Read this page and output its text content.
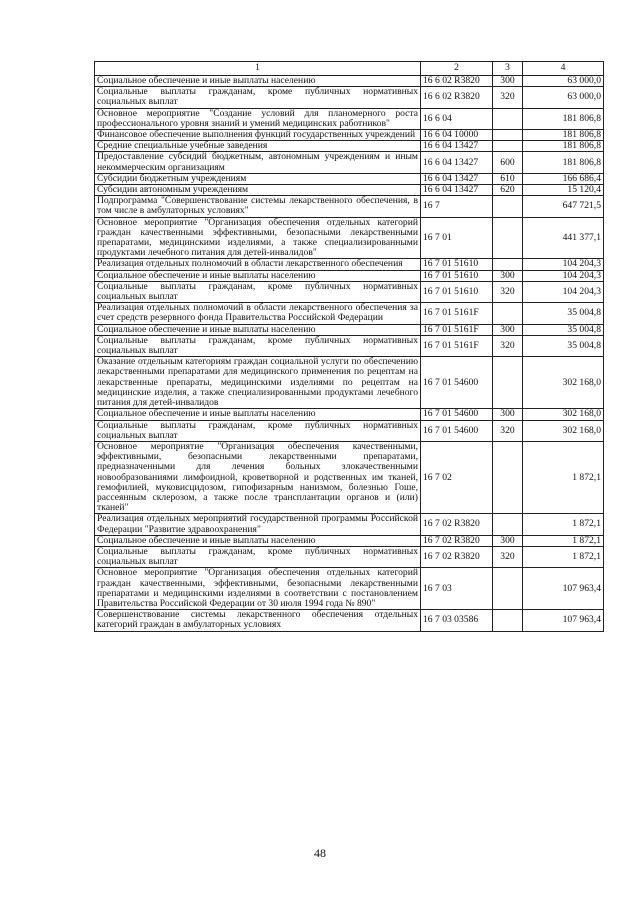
1	2	3	4
Социальное обеспечение и иные выплаты населению	16 6 02 R3820	300	63 000,0
Социальные выплаты гражданам, кроме публичных нормативных социальных выплат	16 6 02 R3820	320	63 000,0
Основное мероприятие "Создание условий для планомерного роста профессионального уровня знаний и умений медицинских работников"	16 6 04		181 806,8
Финансовое обеспечение выполнения функций государственных учреждений	16 6 04 10000		181 806,8
Средние специальные учебные заведения	16 6 04 13427		181 806,8
Предоставление субсидий бюджетным, автономным учреждениям и иным некоммерческим организациям	16 6 04 13427	600	181 806,8
Субсидии бюджетным учреждениям	16 6 04 13427	610	166 686,4
Субсидии автономным учреждениям	16 6 04 13427	620	15 120,4
Подпрограмма "Совершенствование системы лекарственного обеспечения, в том числе в амбулаторных условиях"	16 7		647 721,5
Основное мероприятие "Организация обеспечения отдельных категорий граждан качественными эффективными, безопасными лекарственными препаратами, медицинскими изделиями, а также специализированными продуктами лечебного питания для детей-инвалидов"	16 7 01		441 377,1
Реализация отдельных полномочий в области лекарственного обеспечения	16 7 01 51610		104 204,3
Социальное обеспечение и иные выплаты населению	16 7 01 51610	300	104 204,3
Социальные выплаты гражданам, кроме публичных нормативных социальных выплат	16 7 01 51610	320	104 204,3
Реализация отдельных полномочий в области лекарственного обеспечения за счет средств резервного фонда Правительства Российской Федерации	16 7 01 5161F		35 004,8
Социальное обеспечение и иные выплаты населению	16 7 01 5161F	300	35 004,8
Социальные выплаты гражданам, кроме публичных нормативных социальных выплат	16 7 01 5161F	320	35 004,8
Оказание отдельным категориям граждан социальной услуги по обеспечению лекарственными препаратами для медицинского применения по рецептам на лекарственные препараты, медицинскими изделиями по рецептам на медицинские изделия, а также специализированными продуктами лечебного питания для детей-инвалидов	16 7 01 54600		302 168,0
Социальное обеспечение и иные выплаты населению	16 7 01 54600	300	302 168,0
Социальные выплаты гражданам, кроме публичных нормативных социальных выплат	16 7 01 54600	320	302 168,0
Основное мероприятие "Организация обеспечения качественными, эффективными, безопасными лекарственными препаратами, предназначенными для лечения больных злокачественными новообразованиями лимфоидной, кроветворной и родственных им тканей, гемофилией, муковисцидозом, гипофизарным нанизмом, болезнью Гоше, рассеянным склерозом, а также после трансплантации органов и (или) тканей"	16 7 02		1 872,1
Реализация отдельных мероприятий государственной программы Российской Федерации "Развитие здравоохранения"	16 7 02 R3820		1 872,1
Социальное обеспечение и иные выплаты населению	16 7 02 R3820	300	1 872,1
Социальные выплаты гражданам, кроме публичных нормативных социальных выплат	16 7 02 R3820	320	1 872,1
Основное мероприятие "Организация обеспечения отдельных категорий граждан качественными, эффективными, безопасными лекарственными препаратами и медицинскими изделиями в соответствии с постановлением Правительства Российской Федерации от 30 июля 1994 года № 890"	16 7 03		107 963,4
Совершенствование системы лекарственного обеспечения отдельных категорий граждан в амбулаторных условиях	16 7 03 03586		107 963,4
48
